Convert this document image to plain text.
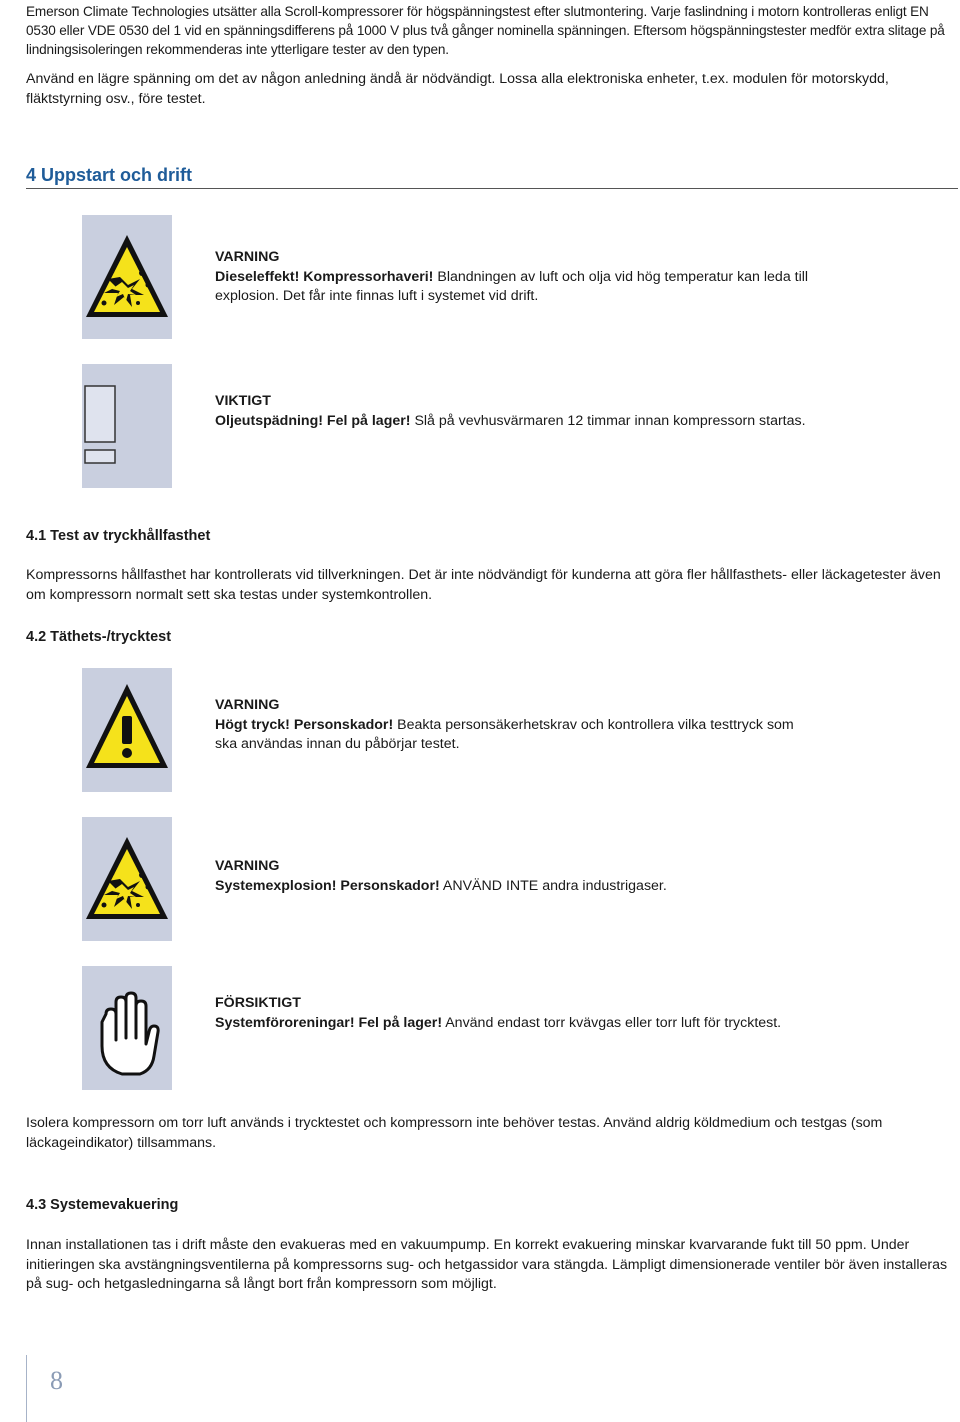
Emerson Climate Technologies utsätter alla Scroll-kompressorer för högspänningstest efter slutmontering. Varje faslindning i motorn kontrolleras enligt EN 0530 eller VDE 0530 del 1 vid en spänningsdifferens på 1000 V plus två gånger nominella spänningen. Eftersom högspänningstester medför extra slitage på lindningsisoleringen rekommenderas inte ytterligare tester av den typen.

Använd en lägre spänning om det av någon anledning ändå är nödvändigt. Lossa alla elektroniska enheter, t.ex. modulen för motorskydd, fläktstyrning osv., före testet.

4 Uppstart och drift
VARNING
Dieseleffekt! Kompressorhaveri! Blandningen av luft och olja vid hög temperatur kan leda till explosion. Det får inte finnas luft i systemet vid drift.
VIKTIGT
Oljeutspädning! Fel på lager! Slå på vevhusvärmaren 12 timmar innan kompressorn startas.
4.1 Test av tryckhållfasthet

Kompressorns hållfasthet har kontrollerats vid tillverkningen. Det är inte nödvändigt för kunderna att göra fler hållfasthets- eller läckagetester även om kompressorn normalt sett ska testas under systemkontrollen.

4.2 Täthets-/trycktest
VARNING
Högt tryck! Personskador! Beakta personsäkerhetskrav och kontrollera vilka testtryck som ska användas innan du påbörjar testet.
VARNING
Systemexplosion! Personskador! ANVÄND INTE andra industrigaser.
FÖRSIKTIGT
Systemföroreningar! Fel på lager! Använd endast torr kvävgas eller torr luft för trycktest.

Isolera kompressorn om torr luft används i trycktestet och kompressorn inte behöver testas. Använd aldrig köldmedium och testgas (som läckageindikator) tillsammans.

4.3 Systemevakuering

Innan installationen tas i drift måste den evakueras med en vakuumpump. En korrekt evakuering minskar kvarvarande fukt till 50 ppm. Under initieringen ska avstängningsventilerna på kompressorns sug- och hetgassidor vara stängda. Lämpligt dimensionerade ventiler bör även installeras på sug- och hetgasledningarna så långt bort från kompressorn som möjligt.

8
